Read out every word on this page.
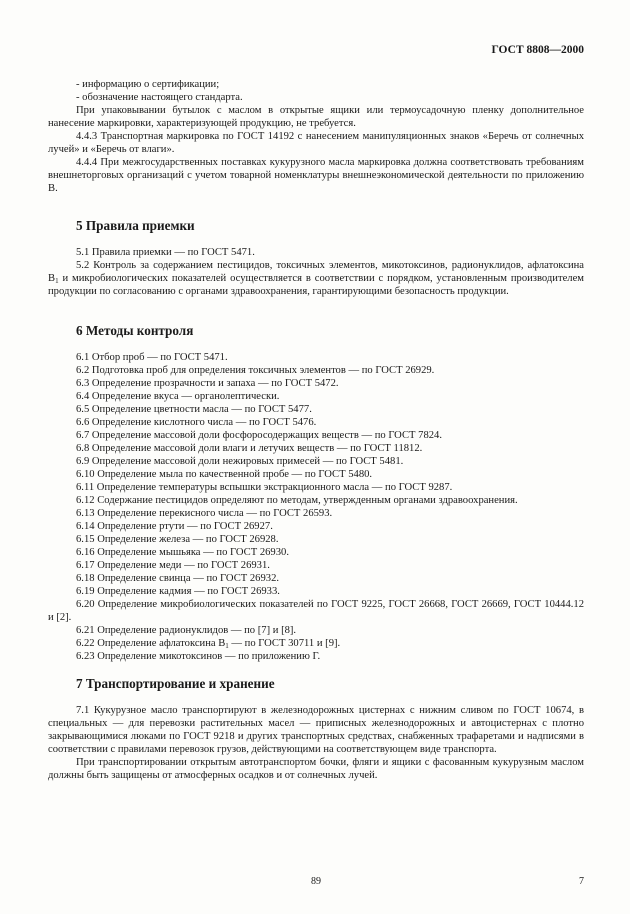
ГОСТ 8808—2000

- информацию о сертификации;

- обозначение настоящего стандарта.

При упаковывании бутылок с маслом в открытые ящики или термоусадочную пленку дополнительное нанесение маркировки, характеризующей продукцию, не требуется.

4.4.3 Транспортная маркировка по ГОСТ 14192 с нанесением манипуляционных знаков «Беречь от солнечных лучей» и «Беречь от влаги».

4.4.4 При межгосударственных поставках кукурузного масла маркировка должна соответствовать требованиям внешнеторговых организаций с учетом товарной номенклатуры внешнеэкономической деятельности по приложению В.

5 Правила приемки

5.1 Правила приемки — по ГОСТ 5471.

5.2 Контроль за содержанием пестицидов, токсичных элементов, микотоксинов, радионуклидов, афлатоксина $B_1$ и микробиологических показателей осуществляется в соответствии с порядком, установленным производителем продукции по согласованию с органами здравоохранения, гарантирующими безопасность продукции.

6 Методы контроля

6.1 Отбор проб — по ГОСТ 5471.

6.2 Подготовка проб для определения токсичных элементов — по ГОСТ 26929.

6.3 Определение прозрачности и запаха — по ГОСТ 5472.

6.4 Определение вкуса — органолептически.

6.5 Определение цветности масла — по ГОСТ 5477.

6.6 Определение кислотного числа — по ГОСТ 5476.

6.7 Определение массовой доли фосфоросодержащих веществ — по ГОСТ 7824.

6.8 Определение массовой доли влаги и летучих веществ — по ГОСТ 11812.

6.9 Определение массовой доли нежировых примесей — по ГОСТ 5481.

6.10 Определение мыла по качественной пробе — по ГОСТ 5480.

6.11 Определение температуры вспышки экстракционного масла — по ГОСТ 9287.

6.12 Содержание пестицидов определяют по методам, утвержденным органами здравоохранения.

6.13 Определение перекисного числа — по ГОСТ 26593.

6.14 Определение ртути — по ГОСТ 26927.

6.15 Определение железа — по ГОСТ 26928.

6.16 Определение мышьяка — по ГОСТ 26930.

6.17 Определение меди — по ГОСТ 26931.

6.18 Определение свинца — по ГОСТ 26932.

6.19 Определение кадмия — по ГОСТ 26933.

6.20 Определение микробиологических показателей по ГОСТ 9225, ГОСТ 26668, ГОСТ 26669, ГОСТ 10444.12 и [2].

6.21 Определение радионуклидов — по [7] и [8].

6.22 Определение афлатоксина $B_1$ — по ГОСТ 30711 и [9].

6.23 Определение микотоксинов — по приложению Г.

7 Транспортирование и хранение

7.1 Кукурузное масло транспортируют в железнодорожных цистернах с нижним сливом по ГОСТ 10674, в специальных — для перевозки растительных масел — приписных железнодорожных и автоцистернах с плотно закрывающимися люками по ГОСТ 9218 и других транспортных средствах, снабженных трафаретами и надписями в соответствии с правилами перевозок грузов, действующими на соответствующем виде транспорта.

При транспортировании открытым автотранспортом бочки, фляги и ящики с фасованным кукурузным маслом должны быть защищены от атмосферных осадков и от солнечных лучей.

89	7
